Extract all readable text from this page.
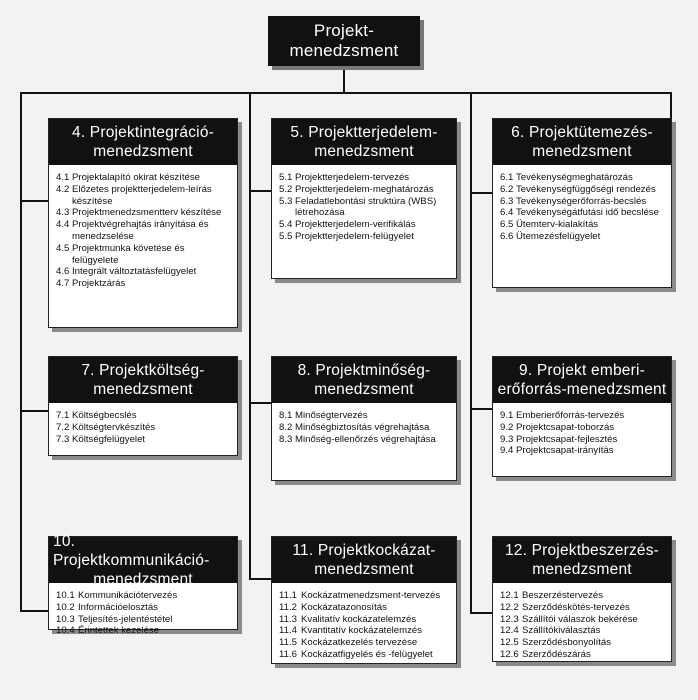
Projekt-
menedzsment
4. Projektintegráció-
menedzsment
4.1 Projektalapító okirat készítése
4.2 Előzetes projektterjedelem-leírás készítése
4.3 Projektmenedzsmentterv készítése
4.4 Projektvégrehajtás irányítása és menedzselése
4.5 Projektmunka követése és felügyelete
4.6 Integrált változtatásfelügyelet
4.7 Projektzárás
5. Projektterjedelem-
menedzsment
5.1 Projektterjedelem-tervezés
5.2 Projektterjedelem-meghatározás
5.3 Feladatlebontási struktúra (WBS) létrehozása
5.4 Projektterjedelem-verifikálás
5.5 Projektterjedelem-felügyelet
6. Projektütemezés-
menedzsment
6.1 Tevékenységmeghatározás
6.2 Tevékenységfüggőségi rendezés
6.3 Tevékenységerőforrás-becslés
6.4 Tevékenységátfutási idő becslése
6.5 Ütemterv-kialakítás
6.6 Ütemezésfelügyelet
7. Projektköltség-
menedzsment
7.1 Költségbecslés
7.2 Költségtervkészítés
7.3 Költségfelügyelet
8. Projektminőség-
menedzsment
8.1 Minőségtervezés
8.2 Minőségbiztosítás végrehajtása
8.3 Minőség-ellenőrzés végrehajtása
9. Projekt emberi-
erőforrás-menedzsment
9.1 Emberierőforrás-tervezés
9.2 Projektcsapat-toborzás
9.3 Projektcsapat-fejlesztés
9.4 Projektcsapat-irányítás
10. Projektkommunikáció-
menedzsment
10.1 Kommunikációtervezés
10.2 Információelosztás
10.3 Teljesítés-jelentéstétel
10.4 Érintettek kezelése
11. Projektkockázat-
menedzsment
11.1 Kockázatmenedzsment-tervezés
11.2 Kockázatazonosítás
11.3 Kvalitatív kockázatelemzés
11.4 Kvantitatív kockázatelemzés
11.5 Kockázatkezelés tervezése
11.6 Kockázatfigyelés és -felügyelet
12. Projektbeszerzés-
menedzsment
12.1 Beszerzéstervezés
12.2 Szerződéskötés-tervezés
12.3 Szállítói válaszok bekérése
12.4 Szállítókiválasztás
12.5 Szerződésbonyolítás
12.6 Szerződészárás
